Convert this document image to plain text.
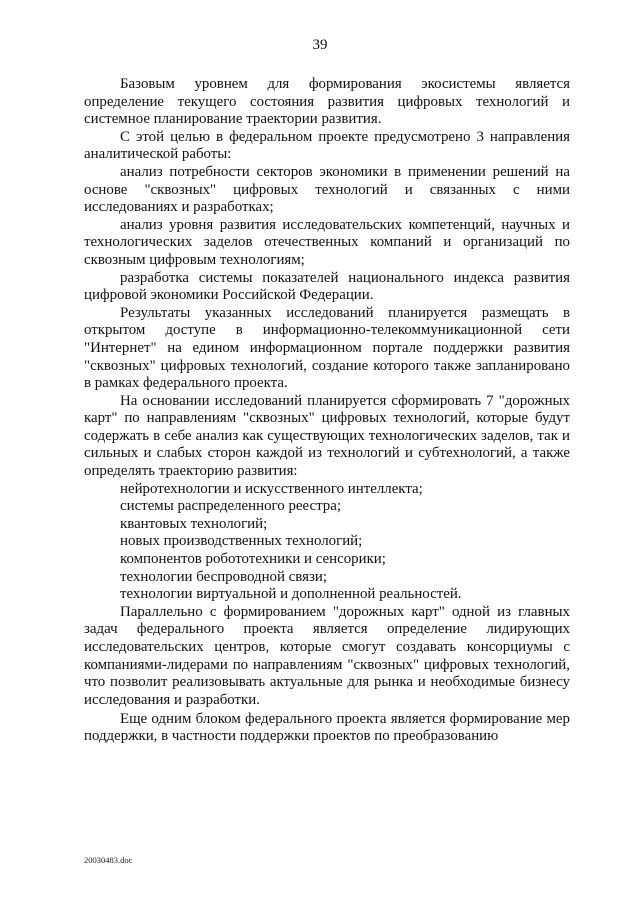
39

Базовым уровнем для формирования экосистемы является определение текущего состояния развития цифровых технологий и системное планирование траектории развития.

С этой целью в федеральном проекте предусмотрено 3 направления аналитической работы:

анализ потребности секторов экономики в применении решений на основе "сквозных" цифровых технологий и связанных с ними исследованиях и разработках;

анализ уровня развития исследовательских компетенций, научных и технологических заделов отечественных компаний и организаций по сквозным цифровым технологиям;

разработка системы показателей национального индекса развития цифровой экономики Российской Федерации.

Результаты указанных исследований планируется размещать в открытом доступе в информационно-телекоммуникационной сети "Интернет" на едином информационном портале поддержки развития "сквозных" цифровых технологий, создание которого также запланировано в рамках федерального проекта.

На основании исследований планируется сформировать 7 "дорожных карт" по направлениям "сквозных" цифровых технологий, которые будут содержать в себе анализ как существующих технологических заделов, так и сильных и слабых сторон каждой из технологий и субтехнологий, а также определять траекторию развития:

нейротехнологии и искусственного интеллекта;

системы распределенного реестра;

квантовых технологий;

новых производственных технологий;

компонентов робототехники и сенсорики;

технологии беспроводной связи;

технологии виртуальной и дополненной реальностей.

Параллельно с формированием "дорожных карт" одной из главных задач федерального проекта является определение лидирующих исследовательских центров, которые смогут создавать консорциумы с компаниями-лидерами по направлениям "сквозных" цифровых технологий, что позволит реализовывать актуальные для рынка и необходимые бизнесу исследования и разработки.

Еще одним блоком федерального проекта является формирование мер поддержки, в частности поддержки проектов по преобразованию

20030483.doc
